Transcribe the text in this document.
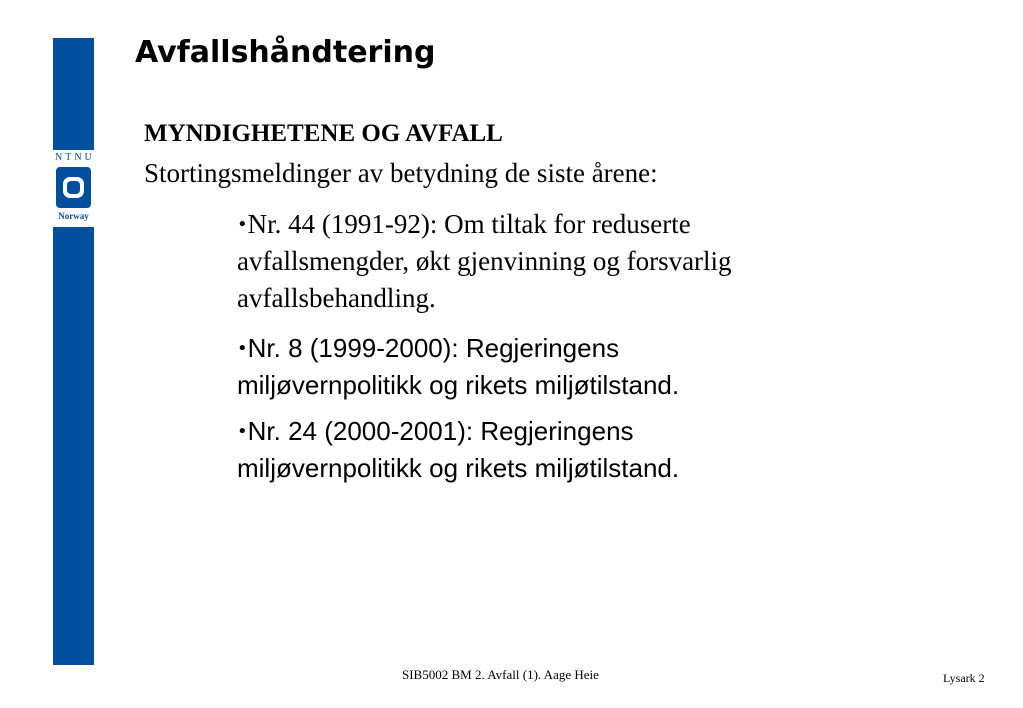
NTNU
Norway
Avfallshåndtering
MYNDIGHETENE OG AVFALL
Stortingsmeldinger av betydning de siste årene:
•Nr. 44 (1991-92): Om tiltak for reduserte
avfallsmengder, økt gjenvinning og forsvarlig
avfallsbehandling.
•Nr. 8 (1999-2000): Regjeringens
miljøvernpolitikk og rikets miljøtilstand.
•Nr. 24 (2000-2001): Regjeringens
miljøvernpolitikk og rikets miljøtilstand.
SIB5002 BM 2. Avfall (1). Aage Heie	Lysark 2
